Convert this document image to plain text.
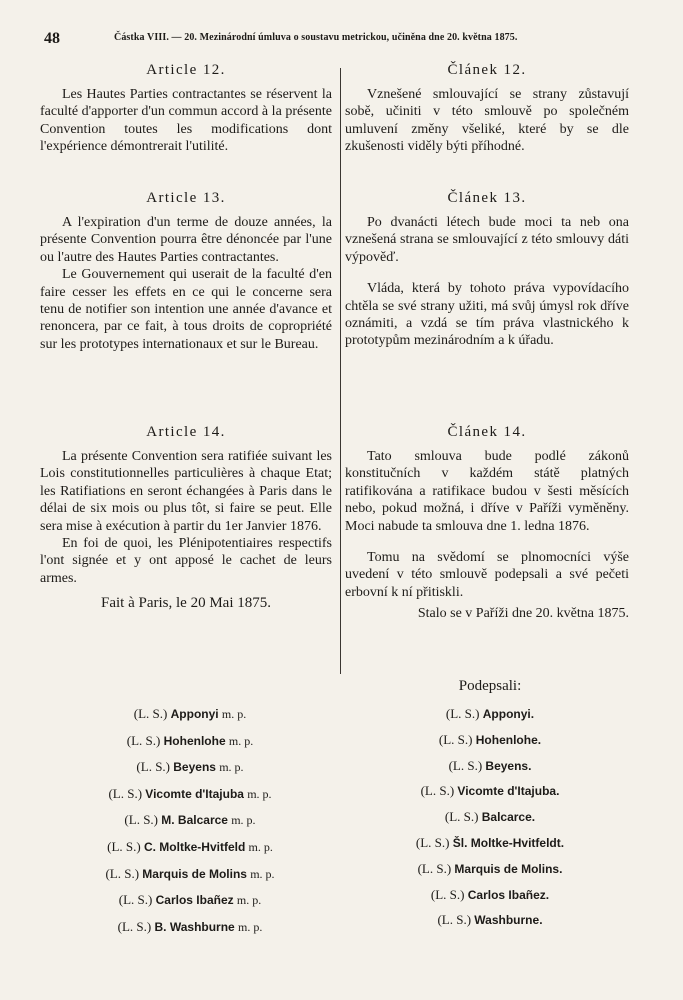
48	Částka VIII. — 20. Mezinárodní úmluva o soustavu metrickou, učiněna dne 20. května 1875.
Article 12.

Les Hautes Parties contractantes se réservent la faculté d'apporter d'un commun accord à la présente Convention toutes les modifications dont l'expérience démontrerait l'utilité.

Article 13.

A l'expiration d'un terme de douze années, la présente Convention pourra être dénoncée par l'une ou l'autre des Hautes Parties contractantes.

Le Gouvernement qui userait de la faculté d'en faire cesser les effets en ce qui le concerne sera tenu de notifier son intention une année d'avance et renoncera, par ce fait, à tous droits de copropriété sur les prototypes internationaux et sur le Bureau.

Article 14.

La présente Convention sera ratifiée suivant les Lois constitutionnelles particulières à chaque Etat; les Ratifiations en seront échangées à Paris dans le délai de six mois ou plus tôt, si faire se peut. Elle sera mise à exécution à partir du 1er Janvier 1876.

En foi de quoi, les Plénipotentiaires respectifs l'ont signée et y ont apposé le cachet de leurs armes.

Fait à Paris, le 20 Mai 1875.
Článek 12.

Vznešené smlouvající se strany zůstavují sobě, učiniti v této smlouvě po společném umluvení změny všeliké, které by se dle zkušenosti viděly býti příhodné.

Článek 13.

Po dvanácti létech bude moci ta neb ona vznešená strana se smlouvající z této smlouvy dáti výpověď.

Vláda, která by tohoto práva vypovídacího chtěla se své strany užiti, má svůj úmysl rok dříve oznámiti, a vzdá se tím práva vlastnického k prototypům mezinárodním a k úřadu.

Článek 14.

Tato smlouva bude podlé zákonů konstitučních v každém státě platných ratifikována a ratifikace budou v šesti měsících nebo, pokud možná, i dříve v Paříži vyměněny. Moci nabude ta smlouva dne 1. ledna 1876.

Tomu na svědomí se plnomocníci výše uvedení v této smlouvě podepsali a své pečeti erbovní k ní přitiskli.

Stalo se v Paříži dne 20. května 1875.
Podepsali:
(L. S.) Apponyi m. p.
(L. S.) Hohenlohe m. p.
(L. S.) Beyens m. p.
(L. S.) Vicomte d'Itajuba m. p.
(L. S.) M. Balcarce m. p.
(L. S.) C. Moltke-Hvitfeld m. p.
(L. S.) Marquis de Molins m. p.
(L. S.) Carlos Ibañez m. p.
(L. S.) B. Washburne m. p.
(L. S.) Apponyi.
(L. S.) Hohenlohe.
(L. S.) Beyens.
(L. S.) Vicomte d'Itajuba.
(L. S.) Balcarce.
(L. S.) Šl. Moltke-Hvitfeldt.
(L. S.) Marquis de Molins.
(L. S.) Carlos Ibañez.
(L. S.) Washburne.
